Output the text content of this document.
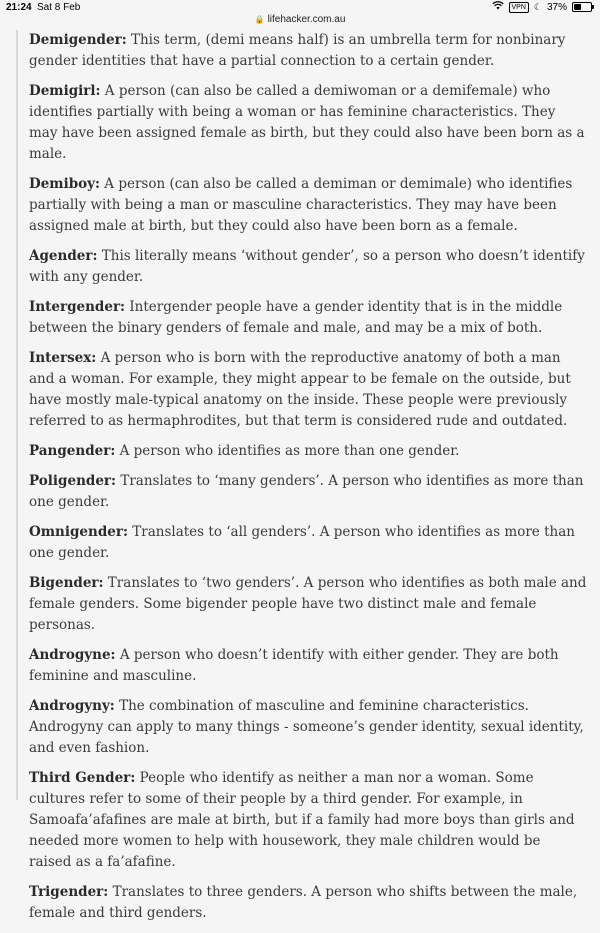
21:24 Sat 8 Feb	VPN ☾ 37%
🔒 lifehacker.com.au

Demigender: This term, (demi means half) is an umbrella term for nonbinary gender identities that have a partial connection to a certain gender.

Demigirl: A person (can also be called a demiwoman or a demifemale) who identifies partially with being a woman or has feminine characteristics. They may have been assigned female as birth, but they could also have been born as a male.

Demiboy: A person (can also be called a demiman or demimale) who identifies partially with being a man or masculine characteristics. They may have been assigned male at birth, but they could also have been born as a female.

Agender: This literally means ‘without gender’, so a person who doesn’t identify with any gender.

Intergender: Intergender people have a gender identity that is in the middle between the binary genders of female and male, and may be a mix of both.

Intersex: A person who is born with the reproductive anatomy of both a man and a woman. For example, they might appear to be female on the outside, but have mostly male-typical anatomy on the inside. These people were previously referred to as hermaphrodites, but that term is considered rude and outdated.

Pangender: A person who identifies as more than one gender.

Poligender: Translates to ‘many genders’. A person who identifies as more than one gender.

Omnigender: Translates to ‘all genders’. A person who identifies as more than one gender.

Bigender: Translates to ‘two genders’. A person who identifies as both male and female genders. Some bigender people have two distinct male and female personas.

Androgyne: A person who doesn’t identify with either gender. They are both feminine and masculine.

Androgyny: The combination of masculine and feminine characteristics. Androgyny can apply to many things - someone’s gender identity, sexual identity, and even fashion.

Third Gender: People who identify as neither a man nor a woman. Some cultures refer to some of their people by a third gender. For example, in Samoafa’afafines are male at birth, but if a family had more boys than girls and needed more women to help with housework, they male children would be raised as a fa’afafine.

Trigender: Translates to three genders. A person who shifts between the male, female and third genders.
